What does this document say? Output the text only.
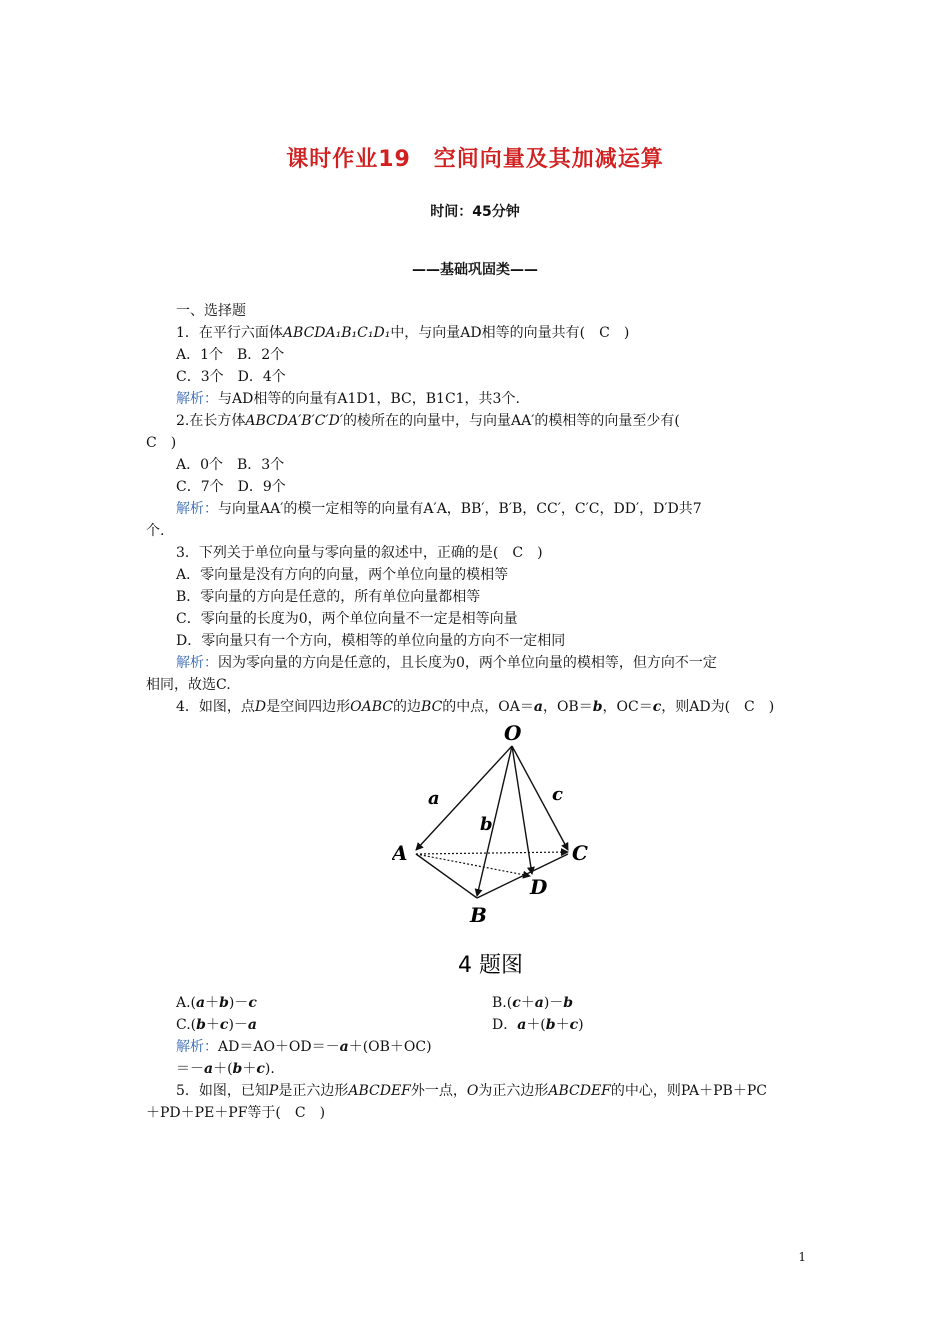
课时作业19　空间向量及其加减运算
时间：45分钟
——基础巩固类——
一、选择题
1．在平行六面体ABCDA₁B₁C₁D₁中，与向量AD相等的向量共有(　C　)
A．1个　B．2个
C．3个　D．4个
解析：与AD相等的向量有A1D1，BC，B1C1，共3个.
2.在长方体ABCDA′B′C′D′的棱所在的向量中，与向量AA′的模相等的向量至少有(
C　)
A．0个　B．3个
C．7个　D．9个
解析：与向量AA′的模一定相等的向量有A′A，BB′，B′B，CC′，C′C，DD′，D′D共7
个.
3．下列关于单位向量与零向量的叙述中，正确的是(　C　)
A．零向量是没有方向的向量，两个单位向量的模相等
B．零向量的方向是任意的，所有单位向量都相等
C．零向量的长度为0，两个单位向量不一定是相等向量
D．零向量只有一个方向，模相等的单位向量的方向不一定相同
解析：因为零向量的方向是任意的，且长度为0，两个单位向量的模相等，但方向不一定
相同，故选C.
4．如图，点D是空间四边形OABC的边BC的中点，OA＝a，OB＝b，OC＝c，则AD为(　C　)
O
A
B
C
D
a
b
c
4 题图
A.(a＋b)－c	B.(c＋a)－b
C.(b＋c)－a	D．a＋(b＋c)
解析：AD＝AO＋OD＝－a＋(OB＋OC)
＝－a＋(b＋c).
5．如图，已知P是正六边形ABCDEF外一点，O为正六边形ABCDEF的中心，则PA＋PB＋PC
＋PD＋PE＋PF等于(　C　)
1
